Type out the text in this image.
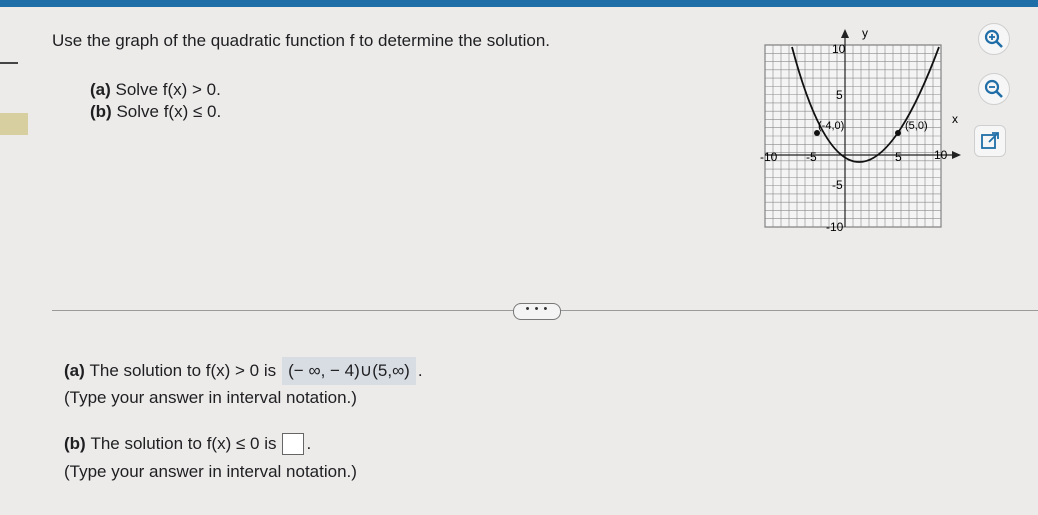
Use the graph of the quadratic function f to determine the solution.
(a) Solve f(x) > 0.
(b) Solve f(x) ≤ 0.
y
x
-10 -5	5	10
10
5
-5
-10
(-4,0)	(5,0)
• • •
(a)
The solution to f(x) > 0 is (− ∞, − 4)∪(5,∞) .
(Type your answer in interval notation.)
(b)
The solution to f(x) ≤ 0 is .
(Type your answer in interval notation.)
